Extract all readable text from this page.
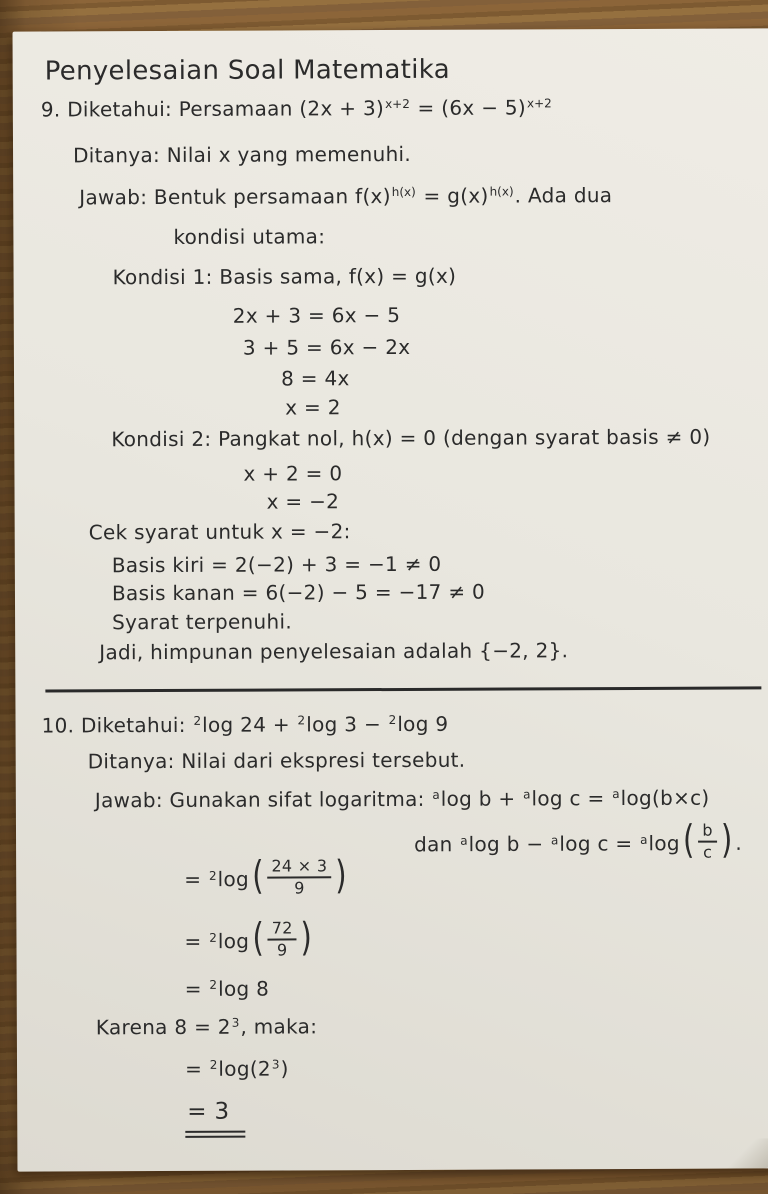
Penyelesaian Soal Matematika
9. Diketahui: Persamaan $(2x + 3)^{x+2} = (6x - 5)^{x+2}$
Ditanya: Nilai x yang memenuhi.
Jawab: Bentuk persamaan $f(x)^{h(x)} = g(x)^{h(x)}$. Ada dua
kondisi utama:
Kondisi 1: Basis sama, f(x) = g(x)
2x + 3 = 6x − 5
3 + 5 = 6x − 2x
8 = 4x
x = 2
Kondisi 2: Pangkat nol, h(x) = 0 (dengan syarat basis ≠ 0)
x + 2 = 0
x = −2
Cek syarat untuk x = −2:
Basis kiri = 2(−2) + 3 = −1 ≠ 0
Basis kanan = 6(−2) − 5 = −17 ≠ 0
Syarat terpenuhi.
Jadi, himpunan penyelesaian adalah {−2, 2}.
10. Diketahui: $^2$log 24 + $^2$log 3 − $^2$log 9
Ditanya: Nilai dari ekspresi tersebut.
Jawab: Gunakan sifat logaritma: $^a$log b + $^a$log c = $^a$log(b×c)
dan $^a$log b − $^a$log $c = ^a\log( \frac{b}{c}$ ) .
= $^2\log( \frac{24 \times 3}{9}$ )
= $^2\log( \frac{72}{9}$ )
= $^2$log 8
Karena $8 = 2^3$, maka:
= $^2\log(2^3)$
= 3
